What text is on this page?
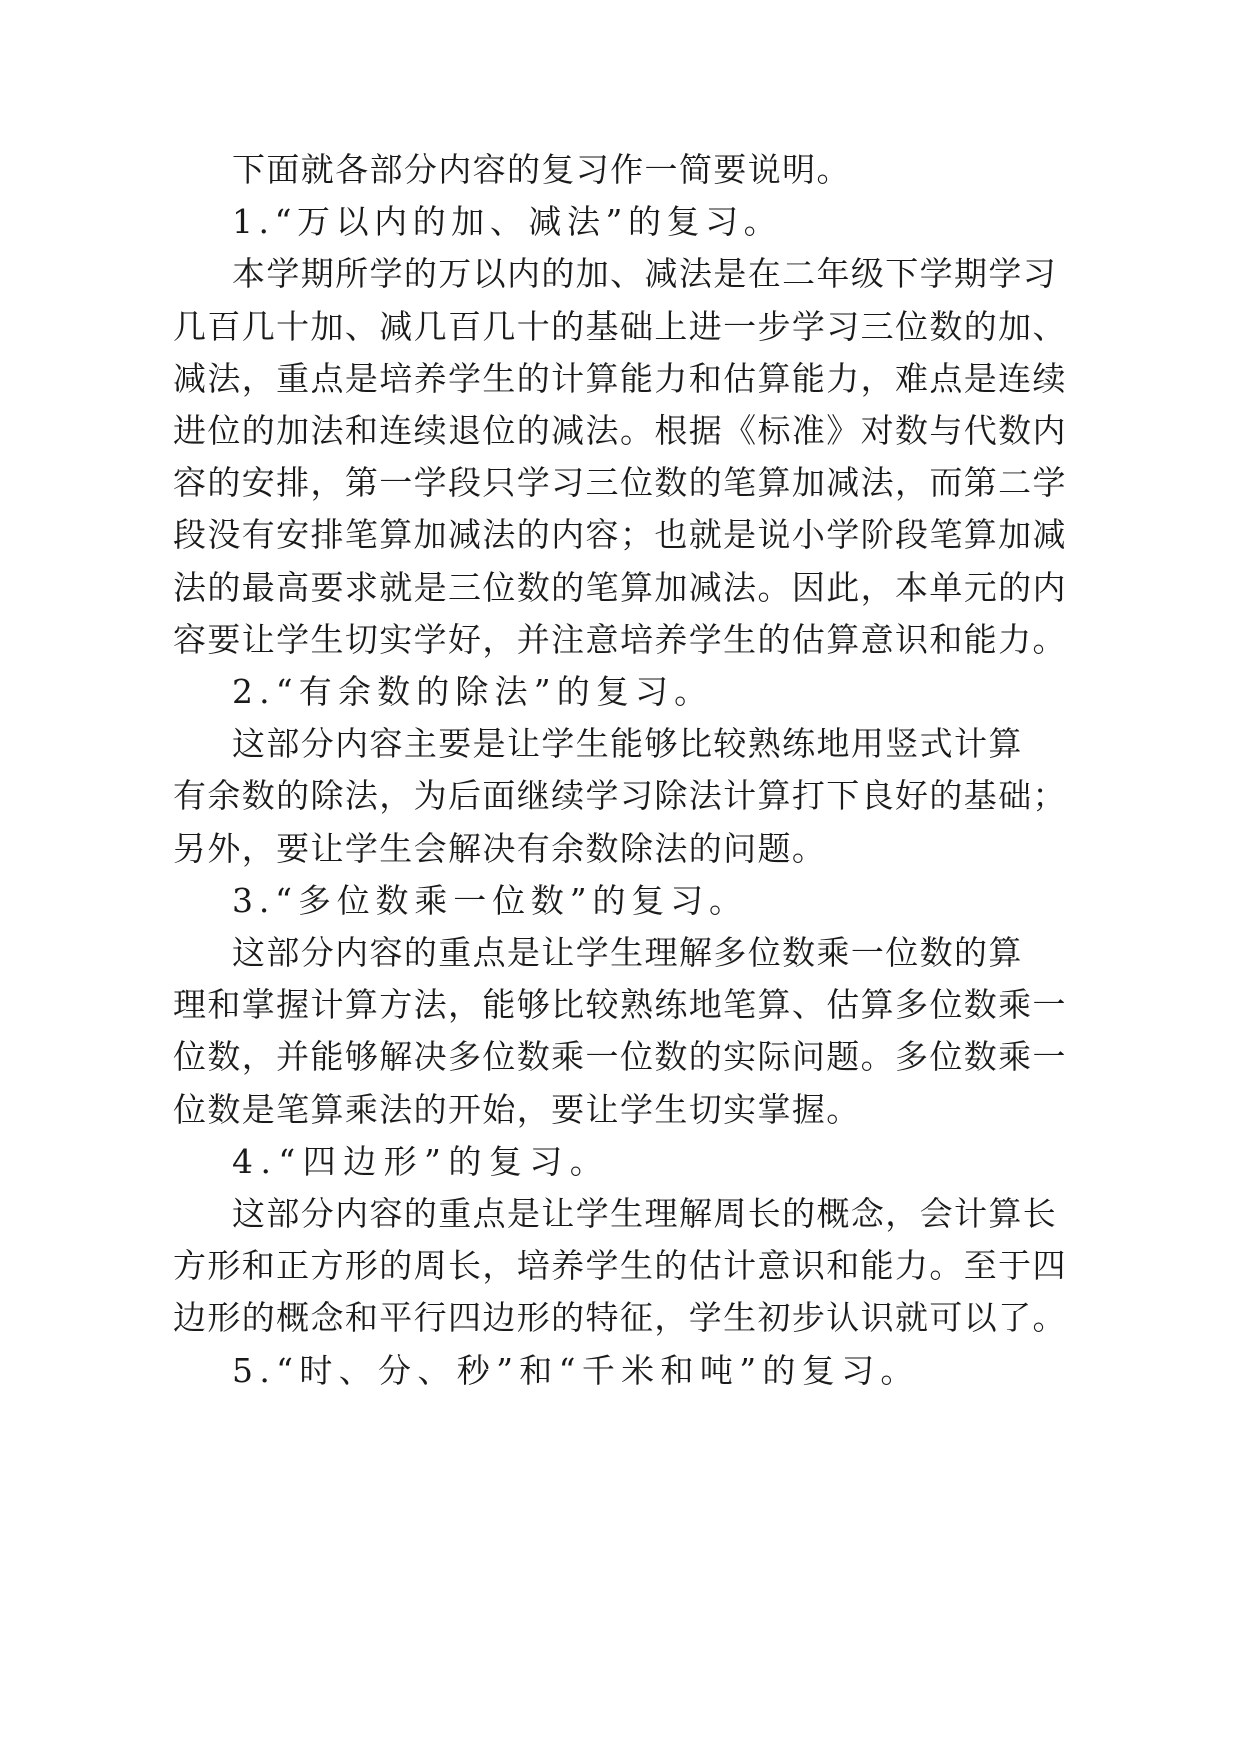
下面就各部分内容的复习作一简要说明。
1.“万以内的加、减法”的复习。
本学期所学的万以内的加、减法是在二年级下学期学习
几百几十加、减几百几十的基础上进一步学习三位数的加、
减法，重点是培养学生的计算能力和估算能力，难点是连续
进位的加法和连续退位的减法。根据《标准》对数与代数内
容的安排，第一学段只学习三位数的笔算加减法，而第二学
段没有安排笔算加减法的内容；也就是说小学阶段笔算加减
法的最高要求就是三位数的笔算加减法。因此，本单元的内
容要让学生切实学好，并注意培养学生的估算意识和能力。
2.“有余数的除法”的复习。
这部分内容主要是让学生能够比较熟练地用竖式计算
有余数的除法，为后面继续学习除法计算打下良好的基础；
另外，要让学生会解决有余数除法的问题。
3.“多位数乘一位数”的复习。
这部分内容的重点是让学生理解多位数乘一位数的算
理和掌握计算方法，能够比较熟练地笔算、估算多位数乘一
位数，并能够解决多位数乘一位数的实际问题。多位数乘一
位数是笔算乘法的开始，要让学生切实掌握。
4.“四边形”的复习。
这部分内容的重点是让学生理解周长的概念，会计算长
方形和正方形的周长，培养学生的估计意识和能力。至于四
边形的概念和平行四边形的特征，学生初步认识就可以了。
5.“时、分、秒”和“千米和吨”的复习。
